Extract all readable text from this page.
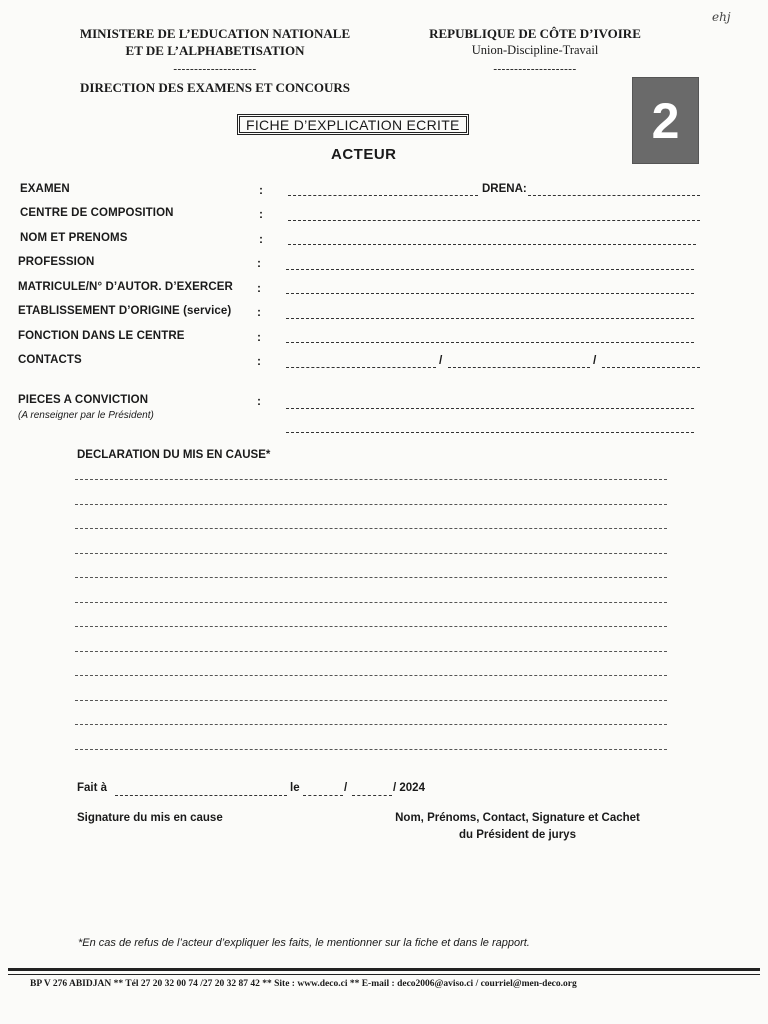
MINISTERE DE L’EDUCATION NATIONALE
ET DE L’ALPHABETISATION
--------------------
DIRECTION DES EXAMENS ET CONCOURS
REPUBLIQUE DE CÔTE D’IVOIRE
Union-Discipline-Travail
--------------------
ehj
FICHE D’EXPLICATION ECRITE
ACTEUR
2
EXAMEN	:	DRENA:
CENTRE DE COMPOSITION	:
NOM ET PRENOMS	:
PROFESSION	:
MATRICULE/N° D’AUTOR. D’EXERCER :
ETABLISSEMENT D’ORIGINE (service) :
FONCTION DANS LE CENTRE	:
CONTACTS	:	/	/
PIECES A CONVICTION
(A renseigner par le Président)
:
DECLARATION DU MIS EN CAUSE*
Fait à	le	/	/ 2024
Signature du mis en cause	Nom, Prénoms, Contact, Signature et Cachet
du Président de jurys
*En cas de refus de l’acteur d’expliquer les faits, le mentionner sur la fiche et dans le rapport.
BP V 276 ABIDJAN ** Tél 27 20 32 00 74 /27 20 32 87 42 ** Site : www.deco.ci ** E-mail : deco2006@aviso.ci / courriel@men-deco.org
